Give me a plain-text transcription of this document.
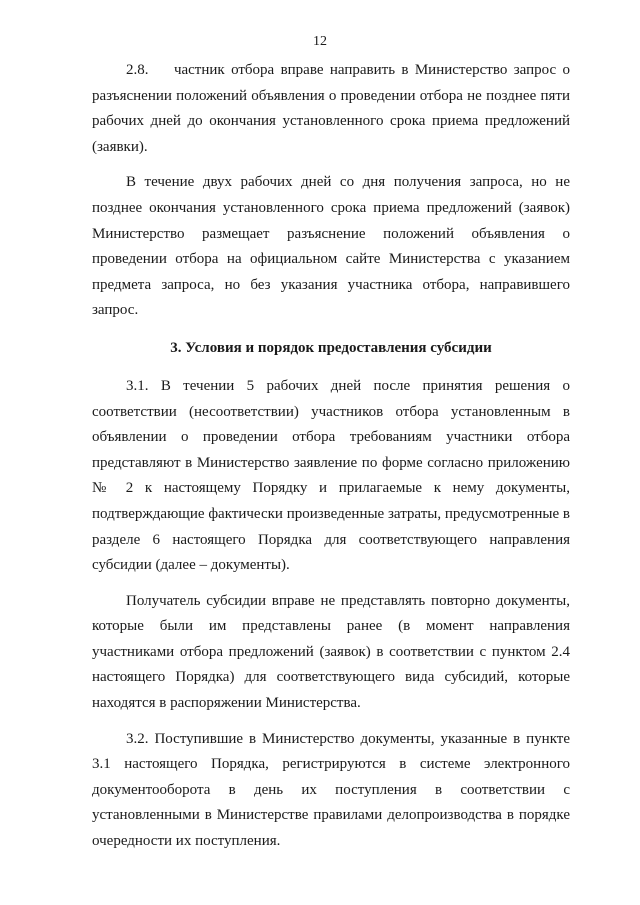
12

2.8.    частник отбора вправе направить в Министерство запрос о разъяснении положений объявления о проведении отбора не позднее пяти рабочих дней до окончания установленного срока приема предложений (заявки).

В течение двух рабочих дней со дня получения запроса, но не позднее окончания установленного срока приема предложений (заявок) Министерство размещает разъяснение положений объявления о проведении отбора на официальном сайте Министерства с указанием предмета запроса, но без указания участника отбора, направившего запрос.

3. Условия и порядок предоставления субсидии

3.1. В течении 5 рабочих дней после принятия решения о соответствии (несоответствии) участников отбора установленным в объявлении о проведении отбора требованиям участники отбора представляют в Министерство заявление по форме согласно приложению № 2 к настоящему Порядку и прилагаемые к нему документы, подтверждающие фактически произведенные затраты, предусмотренные в разделе 6 настоящего Порядка для соответствующего направления субсидии (далее – документы).

Получатель субсидии вправе не представлять повторно документы, которые были им представлены ранее (в момент направления участниками отбора предложений (заявок) в соответствии с пунктом 2.4 настоящего Порядка) для соответствующего вида субсидий, которые находятся в распоряжении Министерства.

3.2. Поступившие в Министерство документы, указанные в пункте 3.1 настоящего Порядка, регистрируются в системе электронного документооборота в день их поступления в соответствии с установленными в Министерстве правилами делопроизводства в порядке очередности их поступления.
